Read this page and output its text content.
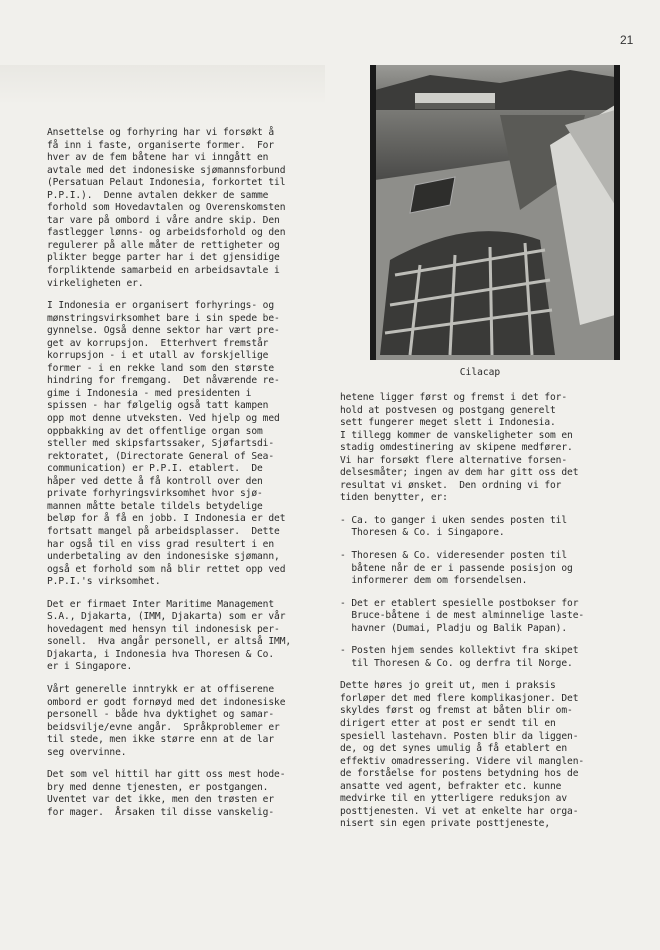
21
Cilacap

Ansettelse og forhyring har vi forsøkt å
få inn i faste, organiserte former.  For
hver av de fem båtene har vi inngått en
avtale med det indonesiske sjømannsforbund
(Persatuan Pelaut Indonesia, forkortet til
P.P.I.).  Denne avtalen dekker de samme
forhold som Hovedavtalen og Overenskomsten
tar vare på ombord i våre andre skip. Den
fastlegger lønns- og arbeidsforhold og den
regulerer på alle måter de rettigheter og
plikter begge parter har i det gjensidige
forpliktende samarbeid en arbeidsavtale i
virkeligheten er.

I Indonesia er organisert forhyrings- og
mønstringsvirksomhet bare i sin spede be-
gynnelse. Også denne sektor har vært pre-
get av korrupsjon.  Etterhvert fremstår
korrupsjon - i et utall av forskjellige
former - i en rekke land som den største
hindring for fremgang.  Det nåværende re-
gime i Indonesia - med presidenten i
spissen - har følgelig også tatt kampen
opp mot denne utveksten. Ved hjelp og med
oppbakking av det offentlige organ som
steller med skipsfartssaker, Sjøfartsdi-
rektoratet, (Directorate General of Sea-
communication) er P.P.I. etablert.  De
håper ved dette å få kontroll over den
private forhyringsvirksomhet hvor sjø-
mannen måtte betale tildels betydelige
beløp for å få en jobb. I Indonesia er det
fortsatt mangel på arbeidsplasser.  Dette
har også til en viss grad resultert i en
underbetaling av den indonesiske sjømann,
også et forhold som nå blir rettet opp ved
P.P.I.'s virksomhet.

Det er firmaet Inter Maritime Management
S.A., Djakarta, (IMM, Djakarta) som er vår
hovedagent med hensyn til indonesisk per-
sonell.  Hva angår personell, er altså IMM,
Djakarta, i Indonesia hva Thoresen & Co.
er i Singapore.

Vårt generelle inntrykk er at offiserene
ombord er godt fornøyd med det indonesiske
personell - både hva dyktighet og samar-
beidsvilje/evne angår.  Språkproblemer er
til stede, men ikke større enn at de lar
seg overvinne.

Det som vel hittil har gitt oss mest hode-
bry med denne tjenesten, er postgangen.
Uventet var det ikke, men den trøsten er
for mager.  Årsaken til disse vanskelig-

hetene ligger først og fremst i det for-
hold at postvesen og postgang generelt
sett fungerer meget slett i Indonesia.
I tillegg kommer de vanskeligheter som en
stadig omdestinering av skipene medfører.
Vi har forsøkt flere alternative forsen-
delsesmåter; ingen av dem har gitt oss det
resultat vi ønsket.  Den ordning vi for
tiden benytter, er:

- Ca. to ganger i uken sendes posten til
Thoresen & Co. i Singapore.

- Thoresen & Co. videresender posten til
båtene når de er i passende posisjon og
informerer dem om forsendelsen.

- Det er etablert spesielle postbokser for
Bruce-båtene i de mest alminnelige laste-
havner (Dumai, Pladju og Balik Papan).

- Posten hjem sendes kollektivt fra skipet
til Thoresen & Co. og derfra til Norge.

Dette høres jo greit ut, men i praksis
forløper det med flere komplikasjoner. Det
skyldes først og fremst at båten blir om-
dirigert etter at post er sendt til en
spesiell lastehavn. Posten blir da liggen-
de, og det synes umulig å få etablert en
effektiv omadressering. Videre vil manglen-
de forståelse for postens betydning hos de
ansatte ved agent, befrakter etc. kunne
medvirke til en ytterligere reduksjon av
posttjenesten. Vi vet at enkelte har orga-
nisert sin egen private posttjeneste,
